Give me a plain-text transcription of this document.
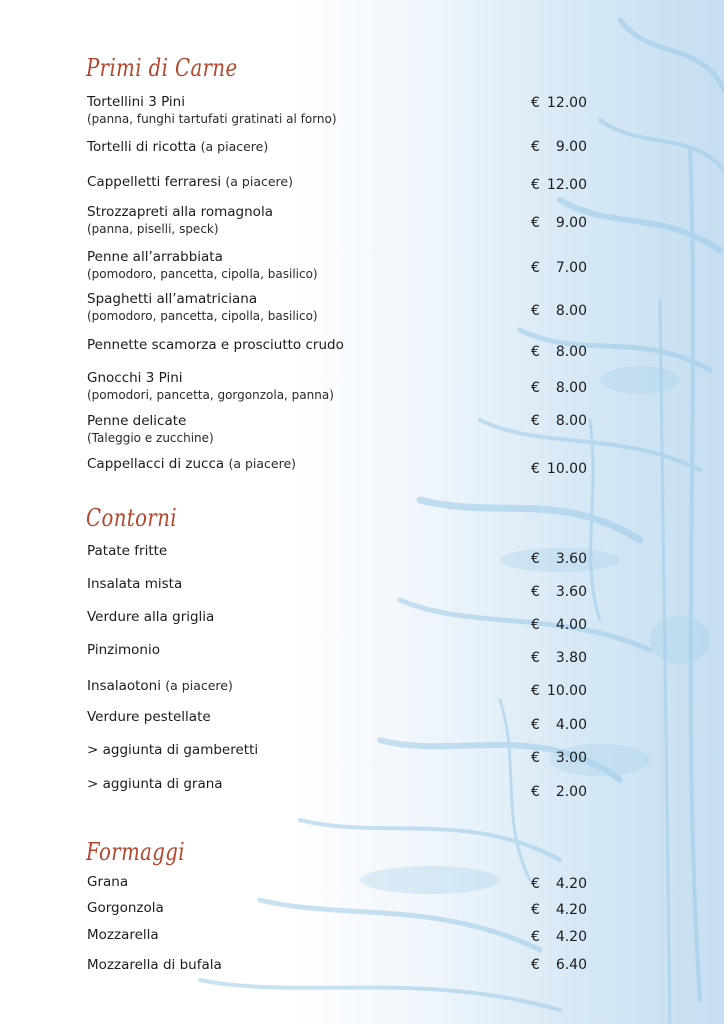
Primi di Carne
Tortellini 3 Pini
(panna, funghi tartufati gratinati al forno)
€ 12.00
Tortelli di ricotta (a piacere)	€ 9.00
Cappelletti ferraresi (a piacere)	€ 12.00
Strozzapreti alla romagnola
(panna, piselli, speck)	€ 9.00
Penne all’arrabbiata
(pomodoro, pancetta, cipolla, basilico)	€ 7.00
Spaghetti all’amatriciana
(pomodoro, pancetta, cipolla, basilico)	€ 8.00
Pennette scamorza e prosciutto crudo	€ 8.00
Gnocchi 3 Pini
(pomodori, pancetta, gorgonzola, panna)	€ 8.00
Penne delicate
(Taleggio e zucchine)
€ 8.00
Cappellacci di zucca (a piacere)	€ 10.00
Contorni
Patate fritte	€ 3.60
Insalata mista	€ 3.60
Verdure alla griglia	€ 4.00
Pinzimonio	€ 3.80
Insalaotoni (a piacere)	€ 10.00
Verdure pestellate	€ 4.00
> aggiunta di gamberetti	€ 3.00
> aggiunta di grana	€ 2.00
Formaggi
Grana	€ 4.20
Gorgonzola	€ 4.20
Mozzarella	€ 4.20
Mozzarella di bufala	€ 6.40
